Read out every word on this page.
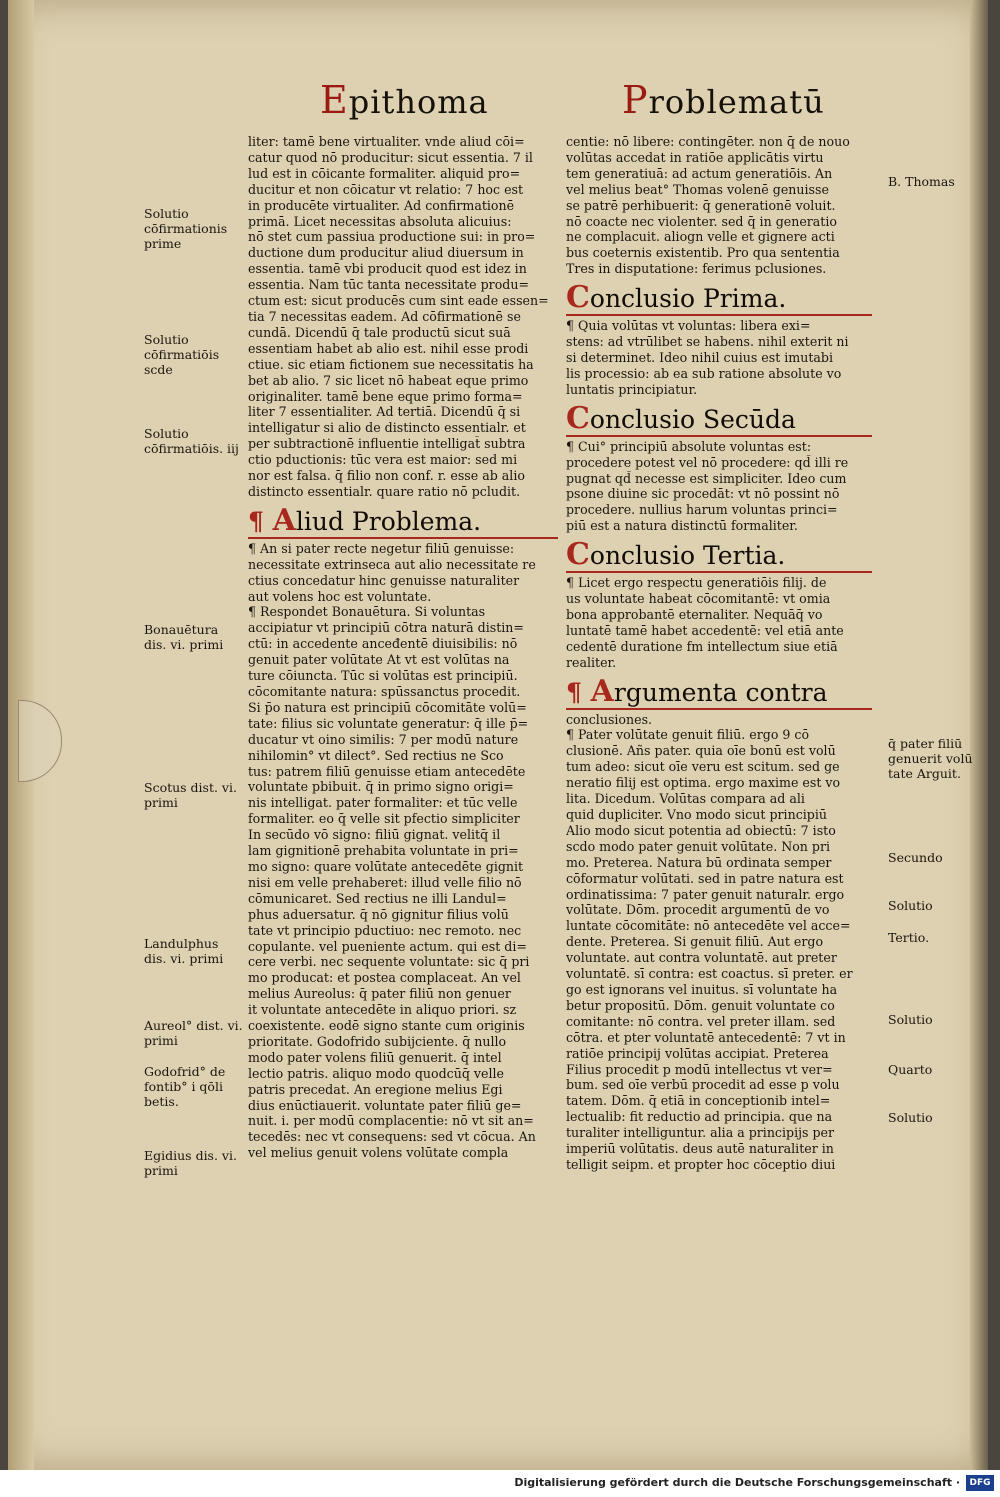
Epithoma	Problematū

liter: tamē bene virtualiter. vnde aliud cōi=

catur quod nō producitur: sicut essentia. 7 il

lud est in cōicante formaliter. aliquid pro=

ducitur et non cōicatur vt relatio: 7 hoc est

in producēte virtualiter. Ad confirmationē

primā. Licet necessitas absoluta alicuius:

nō stet cum passiua productione sui: in pro=

ductione dum producitur aliud diuersum in

essentia. tamē vbi producit quod est idez in

essentia. Nam tūc tanta necessitate produ=

ctum est: sicut producēs cum sint eade essen=

tia 7 necessitas eadem. Ad cōfirmationē se

cundā. Dicendū q̄ tale productū sicut suā

essentiam habet ab alio est. nihil esse prodi

ctiue. sic etiam fictionem sue necessitatis ha

bet ab alio. 7 sic licet nō habeat eque primo

originaliter. tamē bene eque primo forma=

liter 7 essentialiter. Ad tertiā. Dicendū q̄ si

intelligatur si alio de distincto essentialr. et

per subtractionē influentie intelligat̄ subtra

ctio pductionis: tūc vera est maior: sed mi

nor est falsa. q̄ filio non conf. r. esse ab alio

distincto essentialr. quare ratio nō pcludit.

¶ Aliud Problema.

¶ An si pater recte negetur filiū genuisse:

necessitate extrinseca aut alio necessitate re

ctius concedatur hinc genuisse naturaliter

aut volens hoc est voluntate.

¶ Respondet Bonauētura. Si voluntas

accipiatur vt principiū cōtra naturā distin=

ctū: in accedente anceđentē diuisibilis: nō

genuit pater volūtate At vt est volūtas na

ture cōiuncta. Tūc si volūtas est principiū.

cōcomitante natura: spūssanctus procedit.

Si p̄o natura est principiū cōcomitāte volū=

tate: filius sic voluntate generatur: q̄ ille p̄=

ducatur vt oino similis: 7 per modū nature

nihilomin° vt dilect°. Sed rectius ne Sco

tus: patrem filiū genuisse etiam antecedēte

voluntate pbibuit. q̄ in primo signo origi=

nis intelligat. pater formaliter: et tūc velle

formaliter. eo q̄ velle sit pfectio simpliciter

In secūdo vō signo: filiū gignat. velitq̄ il

lam gignitionē prehabita voluntate in pri=

mo signo: quare volūtate antecedēte gignit

nisi em velle prehaberet: illud velle filio nō

cōmunicaret. Sed rectius ne illi Landul=

phus aduersatur. q̄ nō gignitur filius volū

tate vt principio pductiuo: nec remoto. nec

copulante. vel pueniente actum. qui est di=

cere verbi. nec sequente voluntate: sic q̄ pri

mo producat: et postea complaceat. An vel

melius Aureolus: q̄ pater filiū non genuer

it voluntate antecedēte in aliquo priori. sz

coexistente. eodē signo stante cum originis

prioritate. Godofrido subijciente. q̄ nullo

modo pater volens filiū genuerit. q̄ intel

lectio patris. aliquo modo quodcūq̄ velle

patris precedat. An eregione melius Egi

dius enūctiauerit. voluntate pater filiū ge=

nuit. i. per modū complacentie: nō vt sit an=

tecedēs: nec vt consequens: sed vt cōcua. An

vel melius genuit volens volūtate compla

centie: nō libere: contingēter. non q̄ de nouo

volūtas accedat in ratiōe applicātis virtu

tem generatiuā: ad actum generatiōis. An

vel melius beat° Thomas volenē genuisse

se patrē perhibuerit: q̄ generationē voluit.

nō coacte nec violenter. sed q̄ in generatio

ne complacuit. aliogn velle et gignere acti

bus coeternis existentib. Pro qua sententia

Tres in disputatione: ferimus pclusiones.

Conclusio Prima.

¶ Quia volūtas vt voluntas: libera exi=

stens: ad vtrūlibet se habens. nihil exterit ni

si determinet. Ideo nihil cuius est imutabi

lis processio: ab ea sub ratione absolute vo

luntatis principiatur.

Conclusio Secūda

¶ Cui° principiū absolute voluntas est:

procedere potest vel nō procedere: qd̄ illi re

pugnat qd̄ necesse est simpliciter. Ideo cum

psone diuine sic procedāt: vt nō possint nō

procedere. nullius harum voluntas princi=

piū est a natura distinctū formaliter.

Conclusio Tertia.

¶ Licet ergo respectu generatiōis filij. de

us voluntate habeat cōcomitantē: vt omia

bona approbantē eternaliter. Nequāq̄ vo

luntatē tamē habet accedentē: vel etiā ante

cedentē duratione fm intellectum siue etiā

realiter.

¶ Argumenta contra

conclusiones.

¶ Pater volūtate genuit filiū. ergo 9 cō

clusionē. Añs pater. quia oīe bonū est volū

tum adeo: sicut oīe veru est scitum. sed ge

neratio filij est optima. ergo maxime est vo

lita. Dicedum. Volūtas compara ad ali

quid dupliciter. Vno modo sicut principiū

Alio modo sicut potentia ad obiectū: 7 isto

scdo modo pater genuit volūtate. Non pri

mo. Preterea. Natura bū ordinata semper

cōformatur volūtati. sed in patre natura est

ordinatissima: 7 pater genuit naturalr. ergo

volūtate. Dōm. procedit argumentū de vo

luntate cōcomitāte: nō antecedēte vel acce=

dente. Preterea. Si genuit filiū. Aut ergo

voluntate. aut contra voluntatē. aut preter

voluntatē. sī contra: est coactus. sī preter. er

go est ignorans vel inuitus. sī voluntate ha

betur propositū. Dōm. genuit voluntate co

comitante: nō contra. vel preter illam. sed

cōtra. et pter voluntatē antecedentē: 7 vt in

ratiōe principij volūtas accipiat. Preterea

Filius procedit p modū intellectus vt ver=

bum. sed oīe verbū procedit ad esse p volu

tatem. Dōm. q̄ etiā in conceptionib intel=

lectualib: fit reductio ad principia. que na

turaliter intelliguntur. alia a principijs per

imperiū volūtatis. deus autē naturaliter in

telligit seipm. et propter hoc cōceptio diui

Solutio cōfirmationis prime
Solutio cōfirmatiōis scde
Solutio cōfirmatiōis. iij
Bonauētura dis. vi. primi
Scotus dist. vi. primi
Landulphus dis. vi. primi
Aureol° dist. vi. primi
Godofrid° de fontib° i qōli betis.
Egidius dis. vi. primi
B. Thomas
q̄ pater filiū genuerit volū tate Arguit.
Secundo
Solutio
Tertio.
Solutio
Quarto
Solutio
Digitalisierung gefördert durch die Deutsche Forschungsgemeinschaft ·	DFG
